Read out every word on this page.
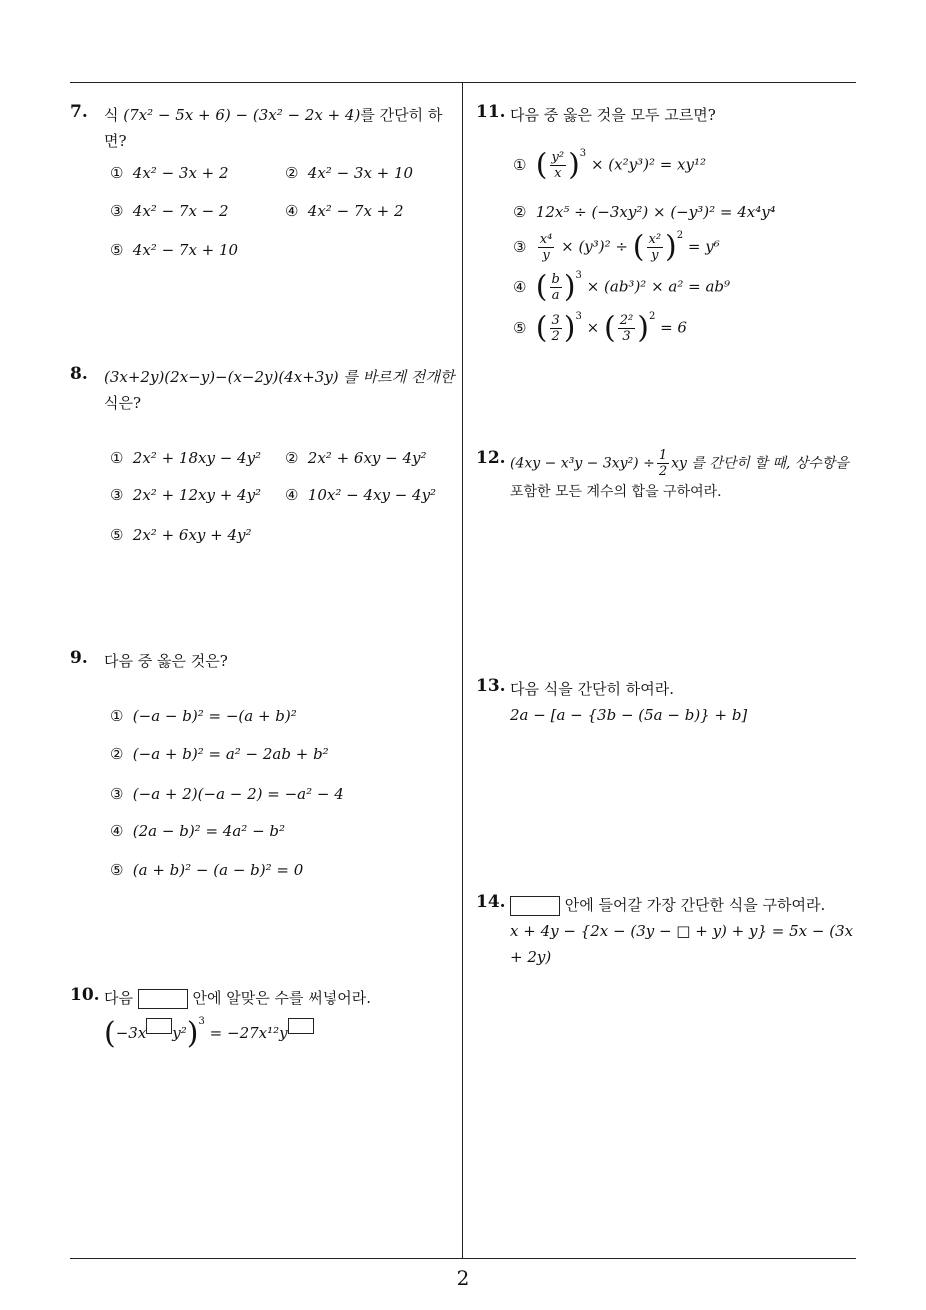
7.	식 (7x² − 5x + 6) − (3x² − 2x + 4)를 간단히 하면?
① 4x² − 3x + 2	② 4x² − 3x + 10
③ 4x² − 7x − 2	④ 4x² − 7x + 2
⑤ 4x² − 7x + 10
8.	(3x+2y)(2x−y)−(x−2y)(4x+3y) 를 바르게 전개한
식은?
① 2x² + 18xy − 4y² ② 2x² + 6xy − 4y²
③ 2x² + 12xy + 4y² ④ 10x² − 4xy − 4y²
⑤ 2x² + 6xy + 4y²
9.	다음 중 옳은 것은?
① (−a − b)² = −(a + b)²
② (−a + b)² = a² − 2ab + b²
③ (−a + 2)(−a − 2) = −a² − 4
④ (2a − b)² = 4a² − b²
⑤ (a + b)² − (a − b)² = 0
10. 다음	안에 알맞은 수를 써넣어라.
(−3x y²)$^3$ = −27x¹²y
11. 다음 중 옳은 것을 모두 고르면?
① ( $\frac{\text{y²}}{x} )^3 \times (x^2y^3)^2 = xy^{12}$
② 12x⁵ ÷ (−3xy²) × (−y³)² = 4x⁴y⁴
③ $\frac{\text{x⁴}}{y} \times (y^3)^2$ ÷ ( $\frac{\text{x²}}{y} )^2 = y^6$
④ ( $\frac{b}{a} )^3 \times (ab^3)^2 \times a^2 = ab^9$
⑤ ( $\frac{3}{2} )^3$ × ( $\frac{\text{2²}}{3} )^2 = 6$
12. $(4xy - x^3y - 3xy^2) \div \frac{1}{2}$ xy 를 간단히 할 때, 상수항을
포함한 모든 계수의 합을 구하여라.
13. 다음 식을 간단히 하여라.
2a − [a − {3b − (5a − b)} + b]
14.	안에 들어갈 가장 간단한 식을 구하여라.
x + 4y − {2x − (3y − □ + y) + y} = 5x − (3x + 2y)
2
